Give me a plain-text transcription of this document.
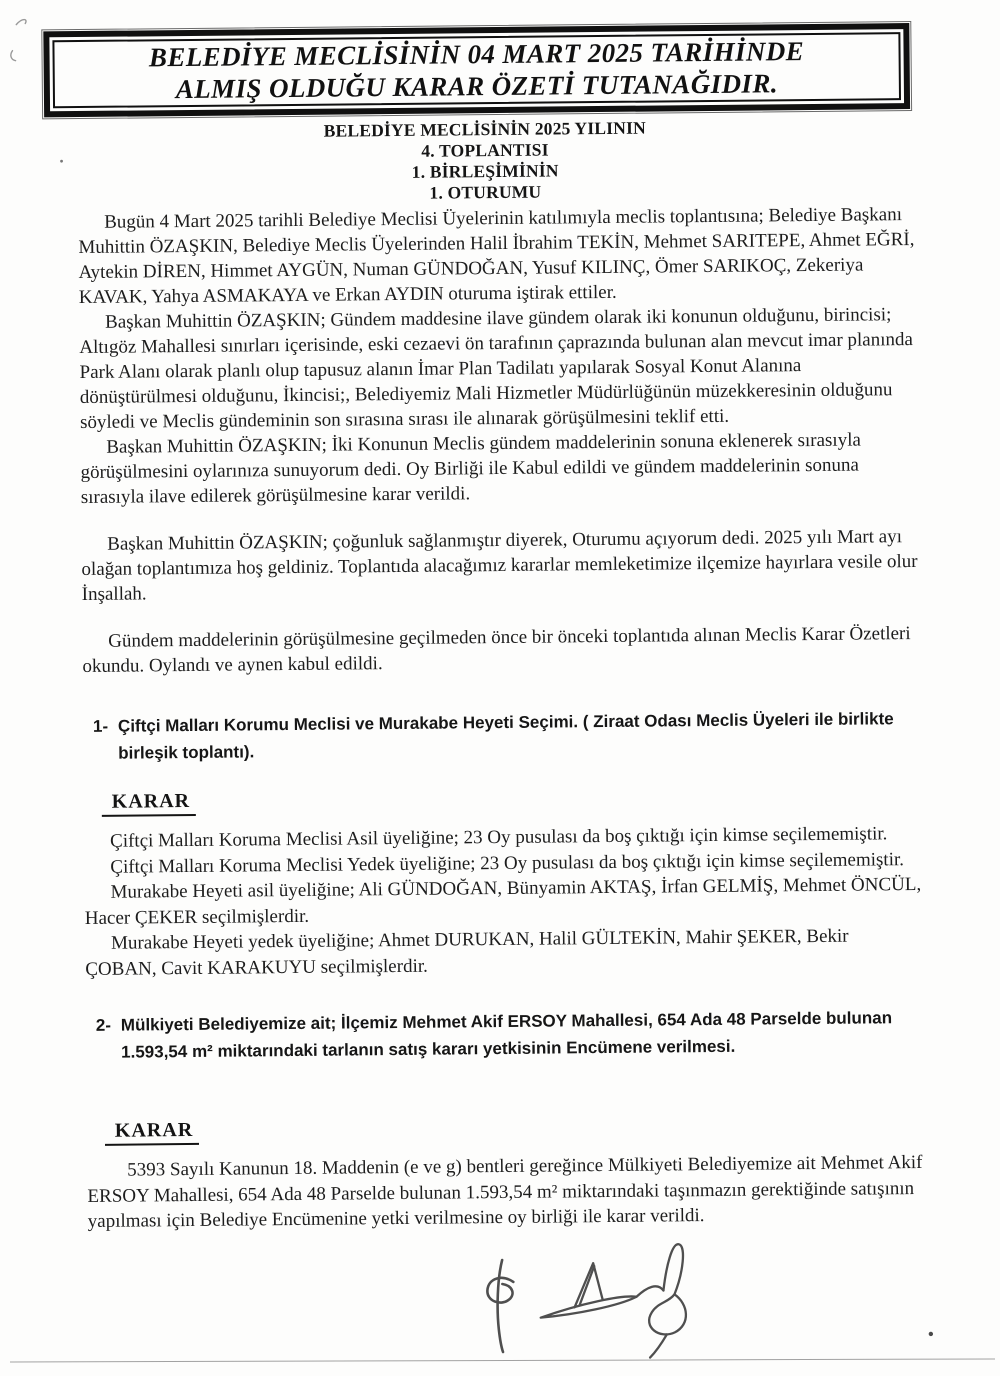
BELEDİYE MECLİSİNİN 04 MART 2025 TARİHİNDE
ALMIŞ OLDUĞU KARAR ÖZETİ TUTANAĞIDIR.
BELEDİYE MECLİSİNİN 2025 YILININ
4. TOPLANTISI
1. BİRLEŞİMİNİN
1. OTURUMU

Bugün 4 Mart 2025 tarihli Belediye Meclisi Üyelerinin katılımıyla meclis toplantısına; Belediye Başkanı Muhittin ÖZAŞKIN, Belediye Meclis Üyelerinden Halil İbrahim TEKİN, Mehmet SARITEPE, Ahmet EĞRİ, Aytekin DİREN, Himmet AYGÜN, Numan GÜNDOĞAN, Yusuf KILINÇ, Ömer SARIKOÇ, Zekeriya KAVAK, Yahya ASMAKAYA ve Erkan AYDIN oturuma iştirak ettiler.

Başkan Muhittin ÖZAŞKIN; Gündem maddesine ilave gündem olarak iki konunun olduğunu, birincisi; Altıgöz Mahallesi sınırları içerisinde, eski cezaevi ön tarafının çaprazında bulunan alan mevcut imar planında Park Alanı olarak planlı olup tapusuz alanın İmar Plan Tadilatı yapılarak Sosyal Konut Alanına dönüştürülmesi olduğunu, İkincisi;, Belediyemiz Mali Hizmetler Müdürlüğünün müzekkeresinin olduğunu söyledi ve Meclis gündeminin son sırasına sırası ile alınarak görüşülmesini teklif etti.

Başkan Muhittin ÖZAŞKIN; İki Konunun Meclis gündem maddelerinin sonuna eklenerek sırasıyla görüşülmesini oylarınıza sunuyorum dedi. Oy Birliği ile Kabul edildi ve gündem maddelerinin sonuna sırasıyla ilave edilerek görüşülmesine karar verildi.

Başkan Muhittin ÖZAŞKIN; çoğunluk sağlanmıştır diyerek, Oturumu açıyorum dedi. 2025 yılı Mart ayı olağan toplantımıza hoş geldiniz. Toplantıda alacağımız kararlar memleketimize ilçemize hayırlara vesile olur İnşallah.

Gündem maddelerinin görüşülmesine geçilmeden önce bir önceki toplantıda alınan Meclis Karar Özetleri okundu. Oylandı ve aynen kabul edildi.

1- Çiftçi Malları Korumu Meclisi ve Murakabe Heyeti Seçimi. ( Ziraat Odası Meclis Üyeleri ile birlikte birleşik toplantı).
KARAR

Çiftçi Malları Koruma Meclisi Asil üyeliğine; 23 Oy pusulası da boş çıktığı için kimse seçilememiştir.

Çiftçi Malları Koruma Meclisi Yedek üyeliğine; 23 Oy pusulası da boş çıktığı için kimse seçilememiştir.

Murakabe Heyeti asil üyeliğine; Ali GÜNDOĞAN, Bünyamin AKTAŞ, İrfan GELMİŞ, Mehmet ÖNCÜL, Hacer ÇEKER seçilmişlerdir.

Murakabe Heyeti yedek üyeliğine; Ahmet DURUKAN, Halil GÜLTEKİN, Mahir ŞEKER, Bekir ÇOBAN, Cavit KARAKUYU seçilmişlerdir.

2- Mülkiyeti Belediyemize ait; İlçemiz Mehmet Akif ERSOY Mahallesi, 654 Ada 48 Parselde bulunan 1.593,54 m² miktarındaki tarlanın satış kararı yetkisinin Encümene verilmesi.
KARAR

5393 Sayılı Kanunun 18. Maddenin (e ve g) bentleri gereğince Mülkiyeti Belediyemize ait Mehmet Akif ERSOY Mahallesi, 654 Ada 48 Parselde bulunan 1.593,54 m² miktarındaki taşınmazın gerektiğinde satışının yapılması için Belediye Encümenine yetki verilmesine oy birliği ile karar verildi.
